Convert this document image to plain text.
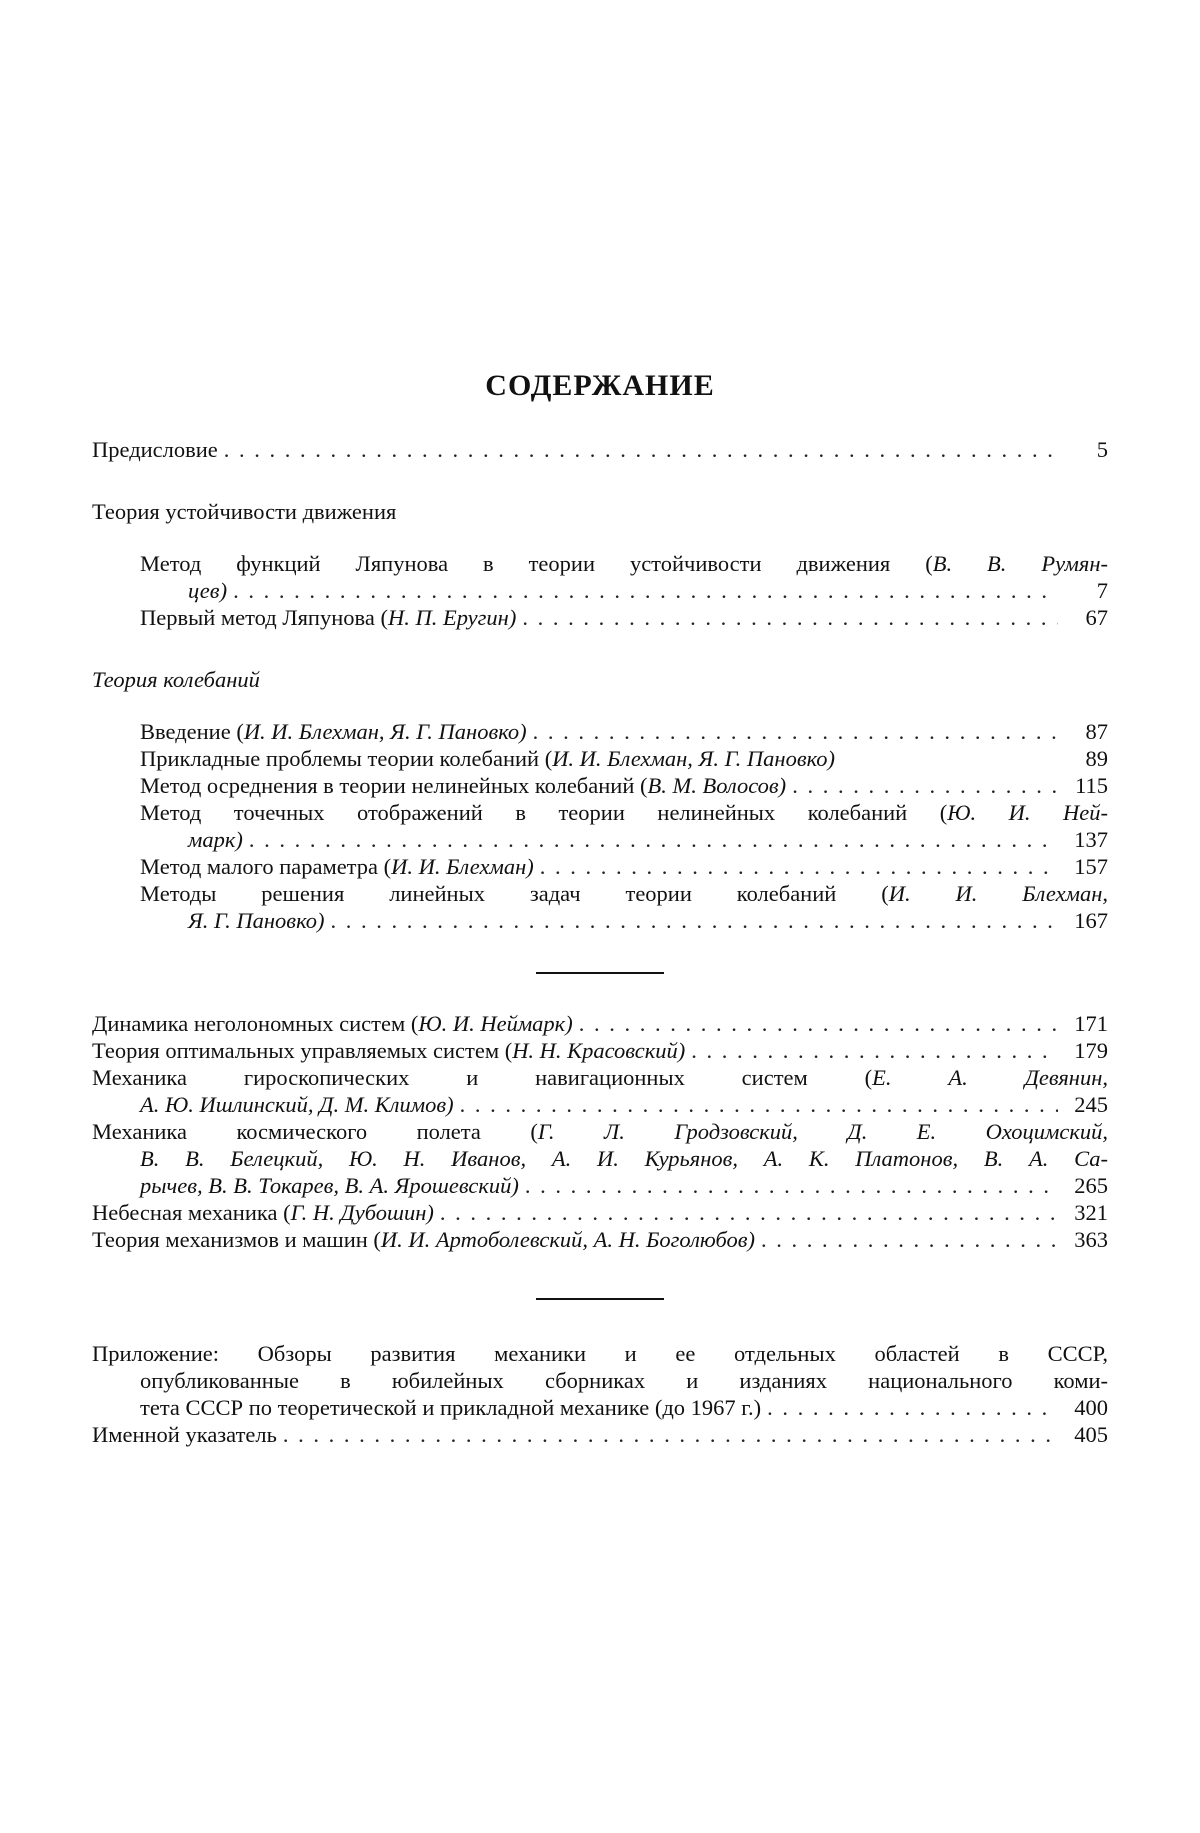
СОДЕРЖАНИЕ
Предисловие . . .	5
Теория устойчивости движения
Метод функций Ляпунова в теории устойчивости движения (В. В. Румян-
цев) . . .	7
Первый метод Ляпунова (Н. П. Еругин) . . .	67
Теория колебаний
Введение (И. И. Блехман, Я. Г. Пановко) . . .	87
Прикладные проблемы теории колебаний (И. И. Блехман, Я. Г. Пановко)	89
Метод осреднения в теории нелинейных колебаний (В. М. Волосов) . . .	115
Метод точечных отображений в теории нелинейных колебаний (Ю. И. Ней-
марк) . . .	137
Метод малого параметра (И. И. Блехман) . . .	157
Методы решения линейных задач теории колебаний (И. И. Блехман,
Я. Г. Пановко) . . .	167
Динамика неголономных систем (Ю. И. Неймарк) . . .	171
Теория оптимальных управляемых систем (Н. Н. Красовский) . . .	179
Механика гироскопических и навигационных систем (Е. А. Девянин,
А. Ю. Ишлинский, Д. М. Климов) . . .	245
Механика космического полета (Г. Л. Гродзовский, Д. Е. Охоцимский,
В. В. Белецкий, Ю. Н. Иванов, А. И. Курьянов, А. К. Платонов, В. А. Са-
рычев, В. В. Токарев, В. А. Ярошевский) . . .	265
Небесная механика (Г. Н. Дубошин) . . .	321
Теория механизмов и машин (И. И. Артоболевский, А. Н. Боголюбов) . . .	363
Приложение: Обзоры развития механики и ее отдельных областей в СССР,
опубликованные в юбилейных сборниках и изданиях национального коми-
тета СССР по теоретической и прикладной механике (до 1967 г.) . . .	400
Именной указатель . . .	405
